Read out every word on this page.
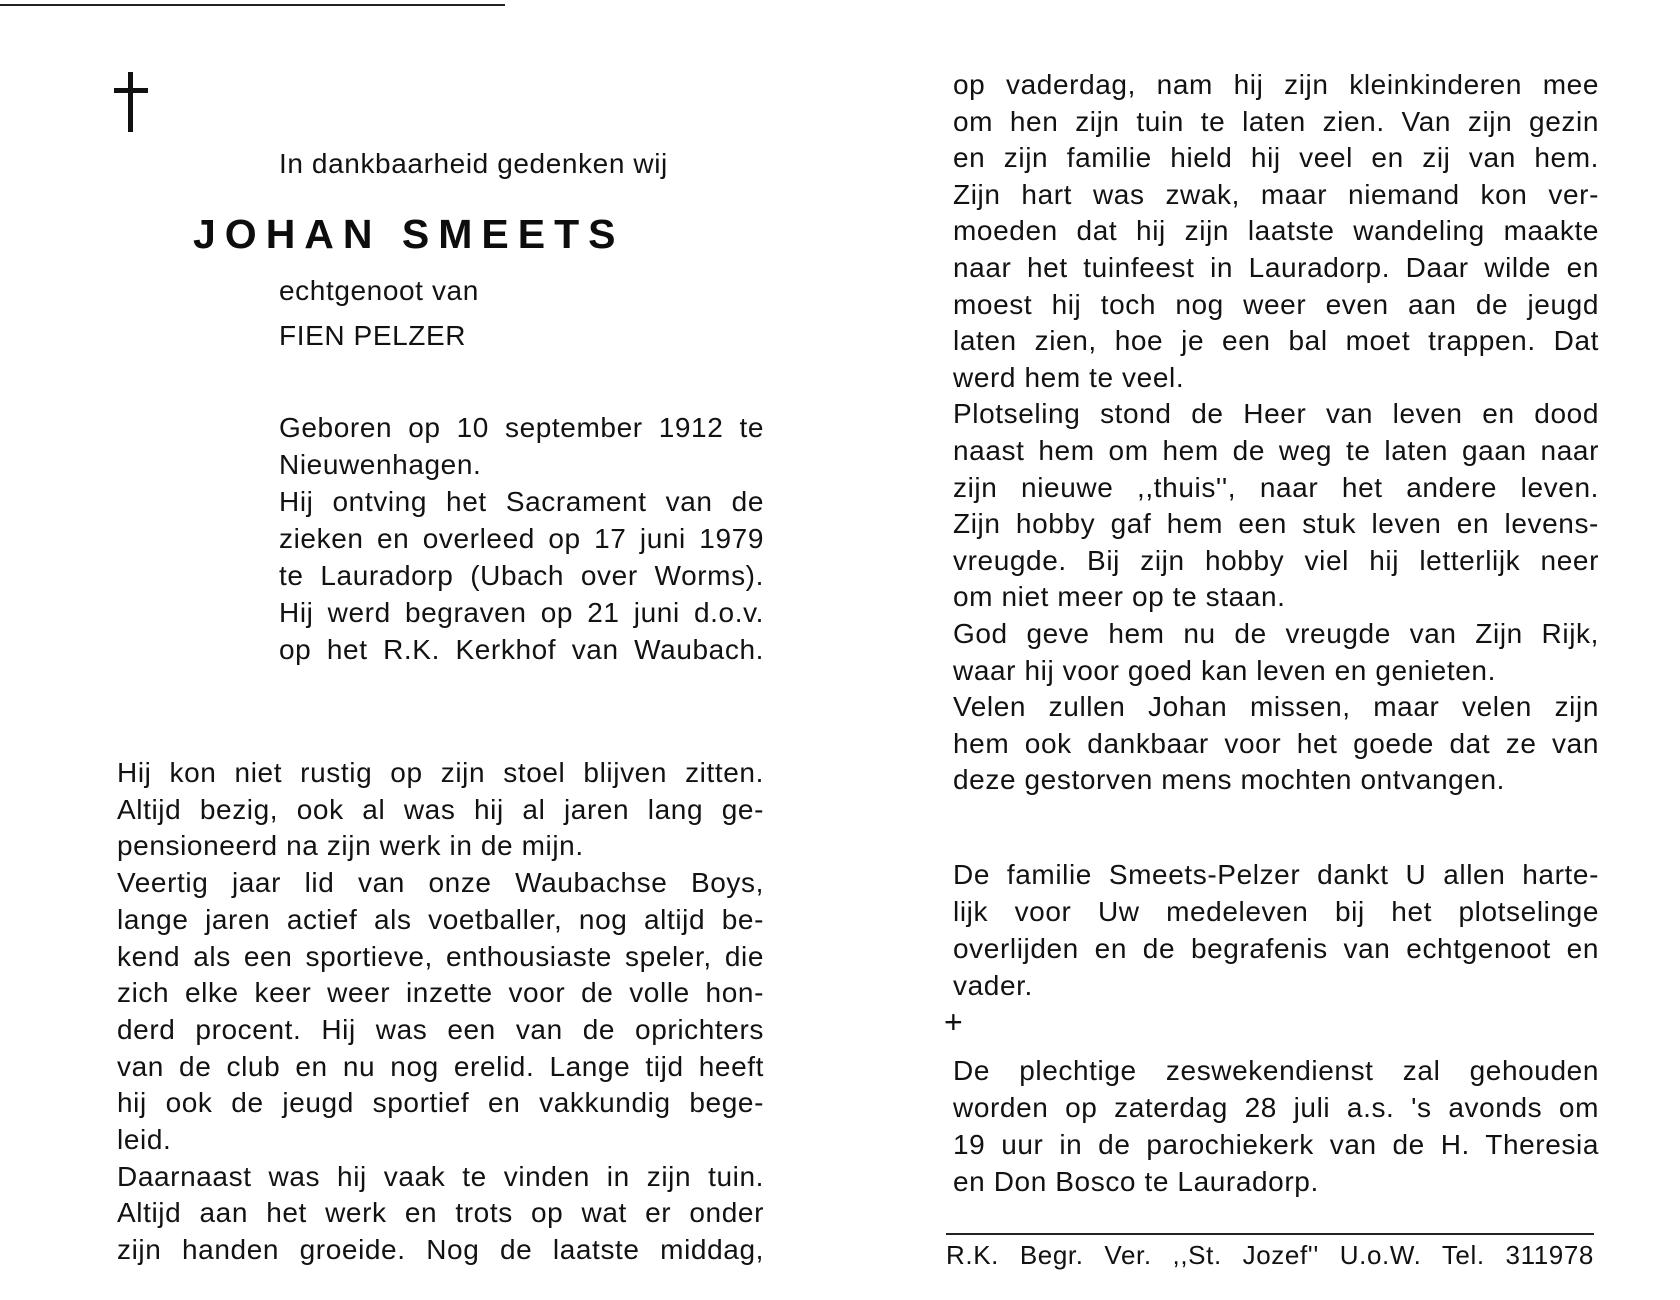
In dankbaarheid gedenken wij
JOHAN SMEETS
echtgenoot van
FIEN PELZER
Geboren op 10 september 1912 te
Nieuwenhagen.
Hij ontving het Sacrament van de
zieken en overleed op 17 juni 1979
te Lauradorp (Ubach over Worms).
Hij werd begraven op 21 juni d.o.v.
op het R.K. Kerkhof van Waubach.
Hij kon niet rustig op zijn stoel blijven zitten.
Altijd bezig, ook al was hij al jaren lang ge-
pensioneerd na zijn werk in de mijn.
Veertig jaar lid van onze Waubachse Boys,
lange jaren actief als voetballer, nog altijd be-
kend als een sportieve, enthousiaste speler, die
zich elke keer weer inzette voor de volle hon-
derd procent. Hij was een van de oprichters
van de club en nu nog erelid. Lange tijd heeft
hij ook de jeugd sportief en vakkundig bege-
leid.
Daarnaast was hij vaak te vinden in zijn tuin.
Altijd aan het werk en trots op wat er onder
zijn handen groeide. Nog de laatste middag,
op vaderdag, nam hij zijn kleinkinderen mee
om hen zijn tuin te laten zien. Van zijn gezin
en zijn familie hield hij veel en zij van hem.
Zijn hart was zwak, maar niemand kon ver-
moeden dat hij zijn laatste wandeling maakte
naar het tuinfeest in Lauradorp. Daar wilde en
moest hij toch nog weer even aan de jeugd
laten zien, hoe je een bal moet trappen. Dat
werd hem te veel.
Plotseling stond de Heer van leven en dood
naast hem om hem de weg te laten gaan naar
zijn nieuwe ,,thuis'', naar het andere leven.
Zijn hobby gaf hem een stuk leven en levens-
vreugde. Bij zijn hobby viel hij letterlijk neer
om niet meer op te staan.
God geve hem nu de vreugde van Zijn Rijk,
waar hij voor goed kan leven en genieten.
Velen zullen Johan missen, maar velen zijn
hem ook dankbaar voor het goede dat ze van
deze gestorven mens mochten ontvangen.
De familie Smeets-Pelzer dankt U allen harte-
lijk voor Uw medeleven bij het plotselinge
overlijden en de begrafenis van echtgenoot en
vader.
+
De plechtige zeswekendienst zal gehouden
worden op zaterdag 28 juli a.s. 's avonds om
19 uur in de parochiekerk van de H. Theresia
en Don Bosco te Lauradorp.
R.K. Begr. Ver. ,,St. Jozef'' U.o.W. Tel. 311978
